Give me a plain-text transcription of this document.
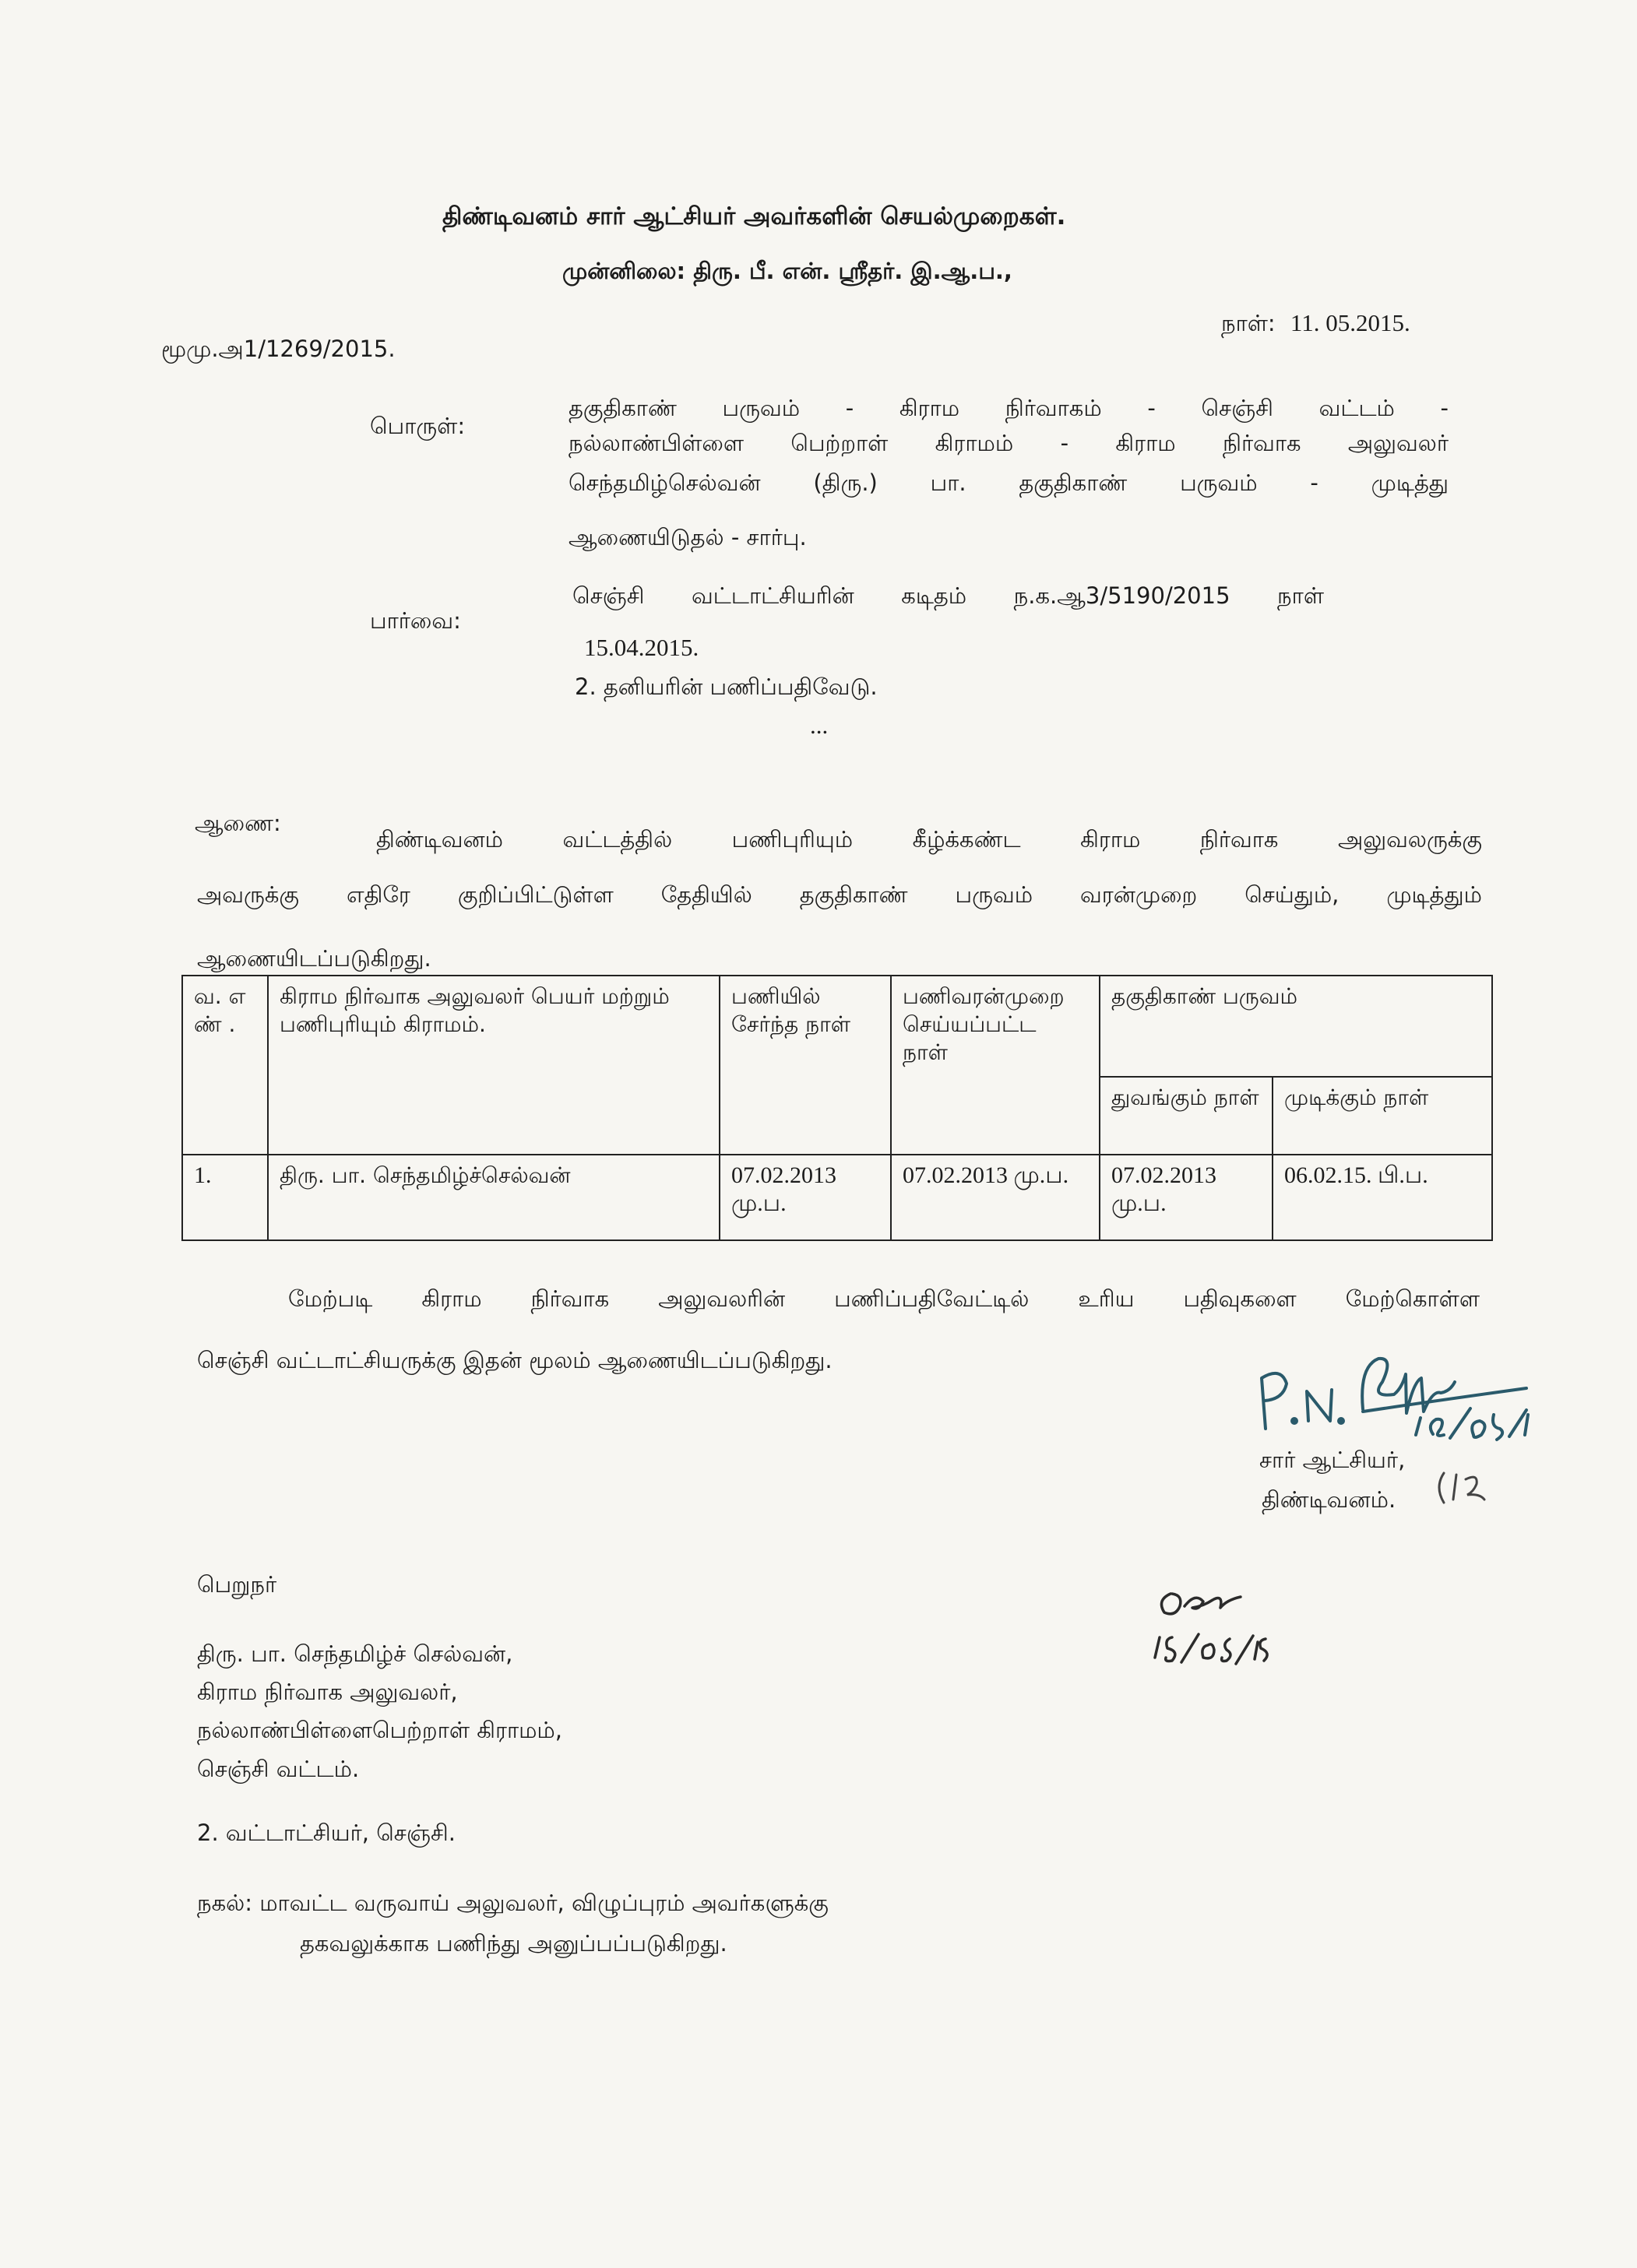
திண்டிவனம் சார் ஆட்சியர் அவர்களின் செயல்முறைகள்.
முன்னிலை: திரு. பீ. என். ஸ்ரீதர். இ.ஆ.ப.,
நாள்: 11. 05.2015.
மூமு.அ1/1269/2015.
பொருள்:
தகுதிகாண் பருவம் - கிராம நிர்வாகம் - செஞ்சி வட்டம் -
நல்லாண்பிள்ளை பெற்றாள் கிராமம் - கிராம நிர்வாக அலுவலர்
செந்தமிழ்செல்வன் (திரு.) பா. தகுதிகாண் பருவம் - முடித்து
ஆணையிடுதல் - சார்பு.
பார்வை:
செஞ்சி வட்டாட்சியரின் கடிதம் ந.க.ஆ3/5190/2015 நாள்
15.04.2015.
2. தனியரின் பணிப்பதிவேடு.
...
ஆணை:
திண்டிவனம் வட்டத்தில் பணிபுரியும் கீழ்க்கண்ட கிராம நிர்வாக அலுவலருக்கு
அவருக்கு எதிரே குறிப்பிட்டுள்ள தேதியில் தகுதிகாண் பருவம் வரன்முறை செய்தும், முடித்தும்
ஆணையிடப்படுகிறது.
வ. எண் .	கிராம நிர்வாக அலுவலர் பெயர் மற்றும் பணிபுரியும் கிராமம்.	பணியில் சேர்ந்த நாள்	பணிவரன்முறை செய்யப்பட்ட நாள்	தகுதிகாண் பருவம்	
				துவங்கும் நாள்	முடிக்கும் நாள்
1.	திரு. பா. செந்தமிழ்ச்செல்வன்	07.02.2013 மு.ப.	07.02.2013 மு.ப.	07.02.2013 மு.ப.	06.02.15. பி.ப.
மேற்படி கிராம நிர்வாக அலுவலரின் பணிப்பதிவேட்டில் உரிய பதிவுகளை மேற்கொள்ள
செஞ்சி வட்டாட்சியருக்கு இதன் மூலம் ஆணையிடப்படுகிறது.
சார் ஆட்சியர்,
திண்டிவனம்.
பெறுநர்
திரு. பா. செந்தமிழ்ச் செல்வன்,
கிராம நிர்வாக அலுவலர்,
நல்லாண்பிள்ளைபெற்றாள் கிராமம்,
செஞ்சி வட்டம்.
2. வட்டாட்சியர், செஞ்சி.
நகல்: மாவட்ட வருவாய் அலுவலர், விழுப்புரம் அவர்களுக்கு
தகவலுக்காக பணிந்து அனுப்பப்படுகிறது.
